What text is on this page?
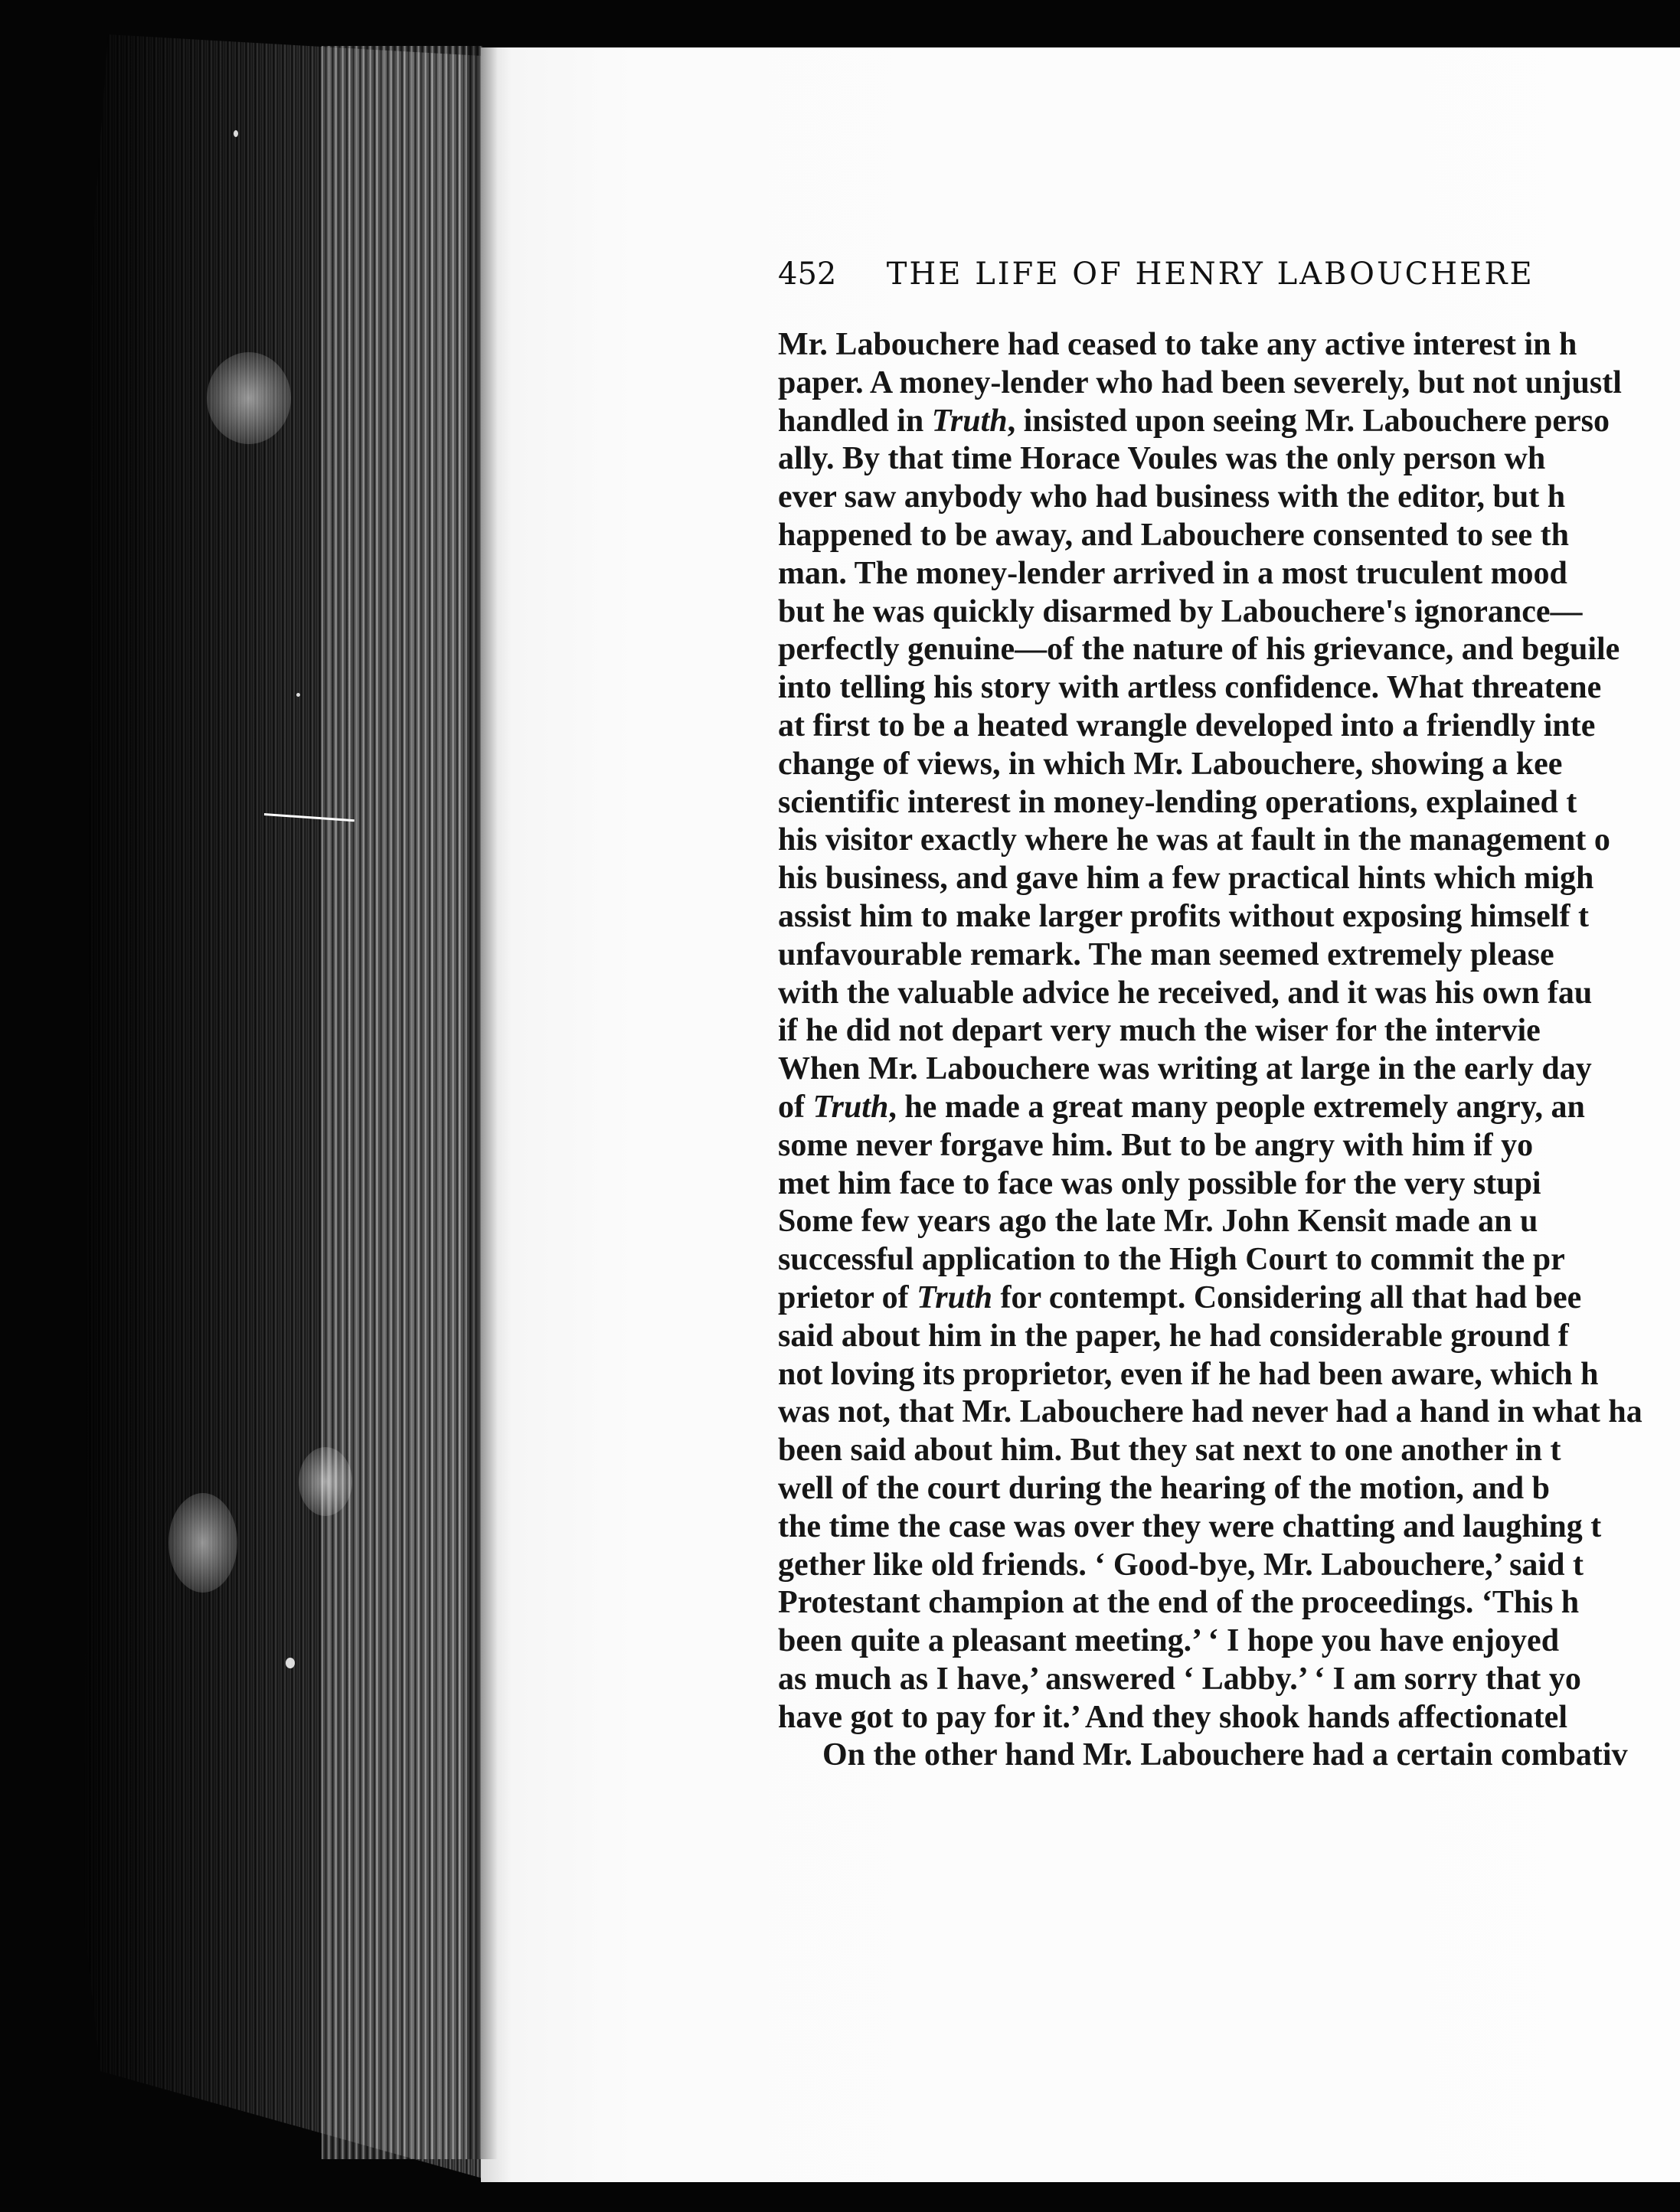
452 THE LIFE OF HENRY LABOUCHERE
Mr. Labouchere had ceased to take any active interest in h
paper. A money-lender who had been severely, but not unjustl
handled in Truth, insisted upon seeing Mr. Labouchere perso
ally. By that time Horace Voules was the only person wh
ever saw anybody who had business with the editor, but h
happened to be away, and Labouchere consented to see th
man. The money-lender arrived in a most truculent mood
but he was quickly disarmed by Labouchere's ignorance—
perfectly genuine—of the nature of his grievance, and beguile
into telling his story with artless confidence. What threatene
at first to be a heated wrangle developed into a friendly inte
change of views, in which Mr. Labouchere, showing a kee
scientific interest in money-lending operations, explained t
his visitor exactly where he was at fault in the management o
his business, and gave him a few practical hints which migh
assist him to make larger profits without exposing himself t
unfavourable remark. The man seemed extremely please
with the valuable advice he received, and it was his own fau
if he did not depart very much the wiser for the intervie
When Mr. Labouchere was writing at large in the early day
of Truth, he made a great many people extremely angry, an
some never forgave him. But to be angry with him if yo
met him face to face was only possible for the very stupi
Some few years ago the late Mr. John Kensit made an u
successful application to the High Court to commit the pr
prietor of Truth for contempt. Considering all that had bee
said about him in the paper, he had considerable ground f
not loving its proprietor, even if he had been aware, which h
was not, that Mr. Labouchere had never had a hand in what ha
been said about him. But they sat next to one another in t
well of the court during the hearing of the motion, and b
the time the case was over they were chatting and laughing t
gether like old friends. ‘ Good-bye, Mr. Labouchere,’ said t
Protestant champion at the end of the proceedings. ‘This h
been quite a pleasant meeting.’ ‘ I hope you have enjoyed
as much as I have,’ answered ‘ Labby.’ ‘ I am sorry that yo
have got to pay for it.’ And they shook hands affectionatel
On the other hand Mr. Labouchere had a certain combativ
